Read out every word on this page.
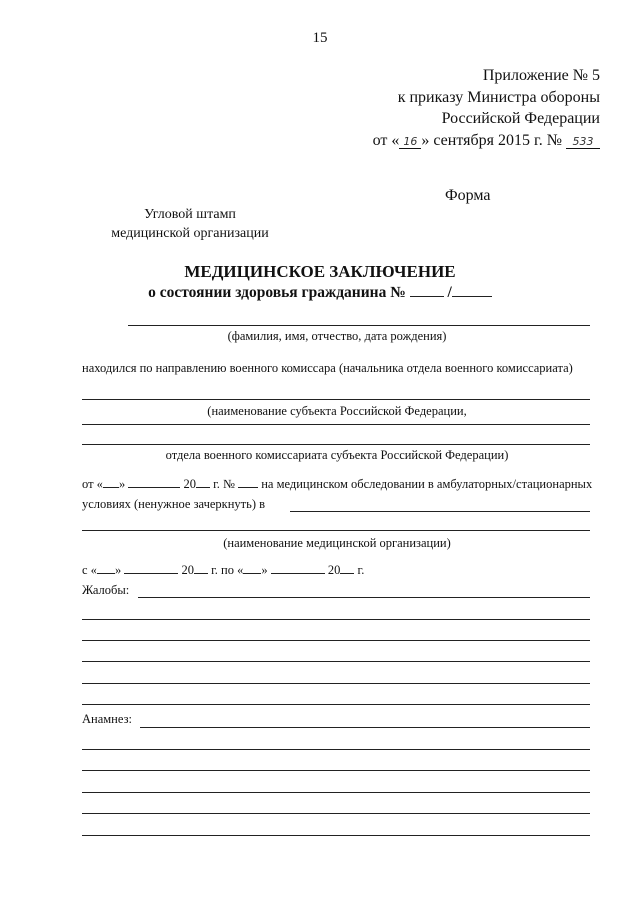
15
Приложение № 5
к приказу Министра обороны
Российской Федерации
от « 16 » сентября 2015 г. № 533
Форма
Угловой штамп
медицинской организации
МЕДИЦИНСКОЕ ЗАКЛЮЧЕНИЕ
о состоянии здоровья гражданина №	/
(фамилия, имя, отчество, дата рождения)
находился по направлению военного комиссара (начальника отдела военного комиссариата)
(наименование субъекта Российской Федерации,
отдела военного комиссариата субъекта Российской Федерации)
от « »	20 г. № на медицинском обследовании в амбулаторных/стационарных
условиях (ненужное зачеркнуть) в
(наименование медицинской организации)
с « »	20 г. по « »	20 г.
Жалобы:
Анамнез:
